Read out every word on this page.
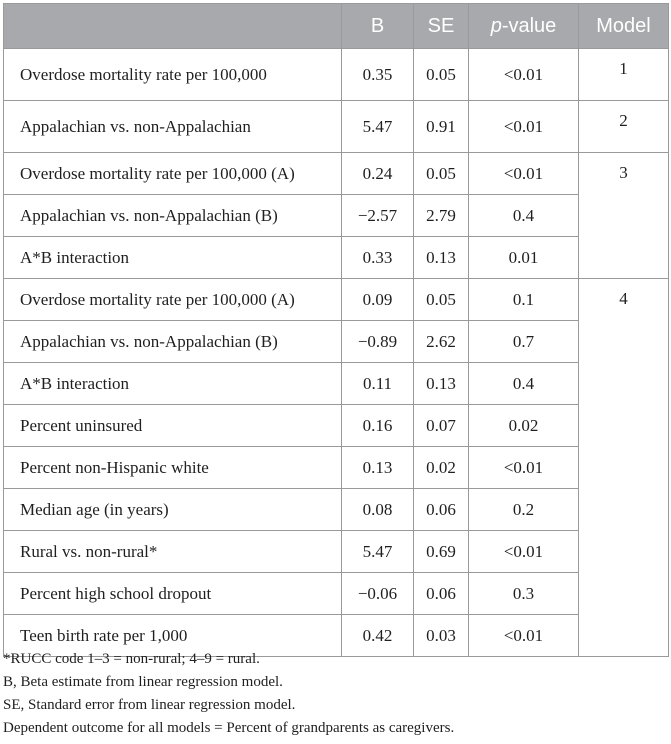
	B	SE	p-value	Model
Overdose mortality rate per 100,000	0.35	0.05	<0.01	1
Appalachian vs. non-Appalachian	5.47	0.91	<0.01	2
Overdose mortality rate per 100,000 (A)	0.24	0.05	<0.01	3
Appalachian vs. non-Appalachian (B)	−2.57	2.79	0.4	
A*B interaction	0.33	0.13	0.01	
Overdose mortality rate per 100,000 (A)	0.09	0.05	0.1	4
Appalachian vs. non-Appalachian (B)	−0.89	2.62	0.7	
A*B interaction	0.11	0.13	0.4	
Percent uninsured	0.16	0.07	0.02	
Percent non-Hispanic white	0.13	0.02	<0.01	
Median age (in years)	0.08	0.06	0.2	
Rural vs. non-rural*	5.47	0.69	<0.01	
Percent high school dropout	−0.06	0.06	0.3	
Teen birth rate per 1,000	0.42	0.03	<0.01	
*RUCC code 1–3 = non-rural; 4–9 = rural.
B, Beta estimate from linear regression model.
SE, Standard error from linear regression model.
Dependent outcome for all models = Percent of grandparents as caregivers.
